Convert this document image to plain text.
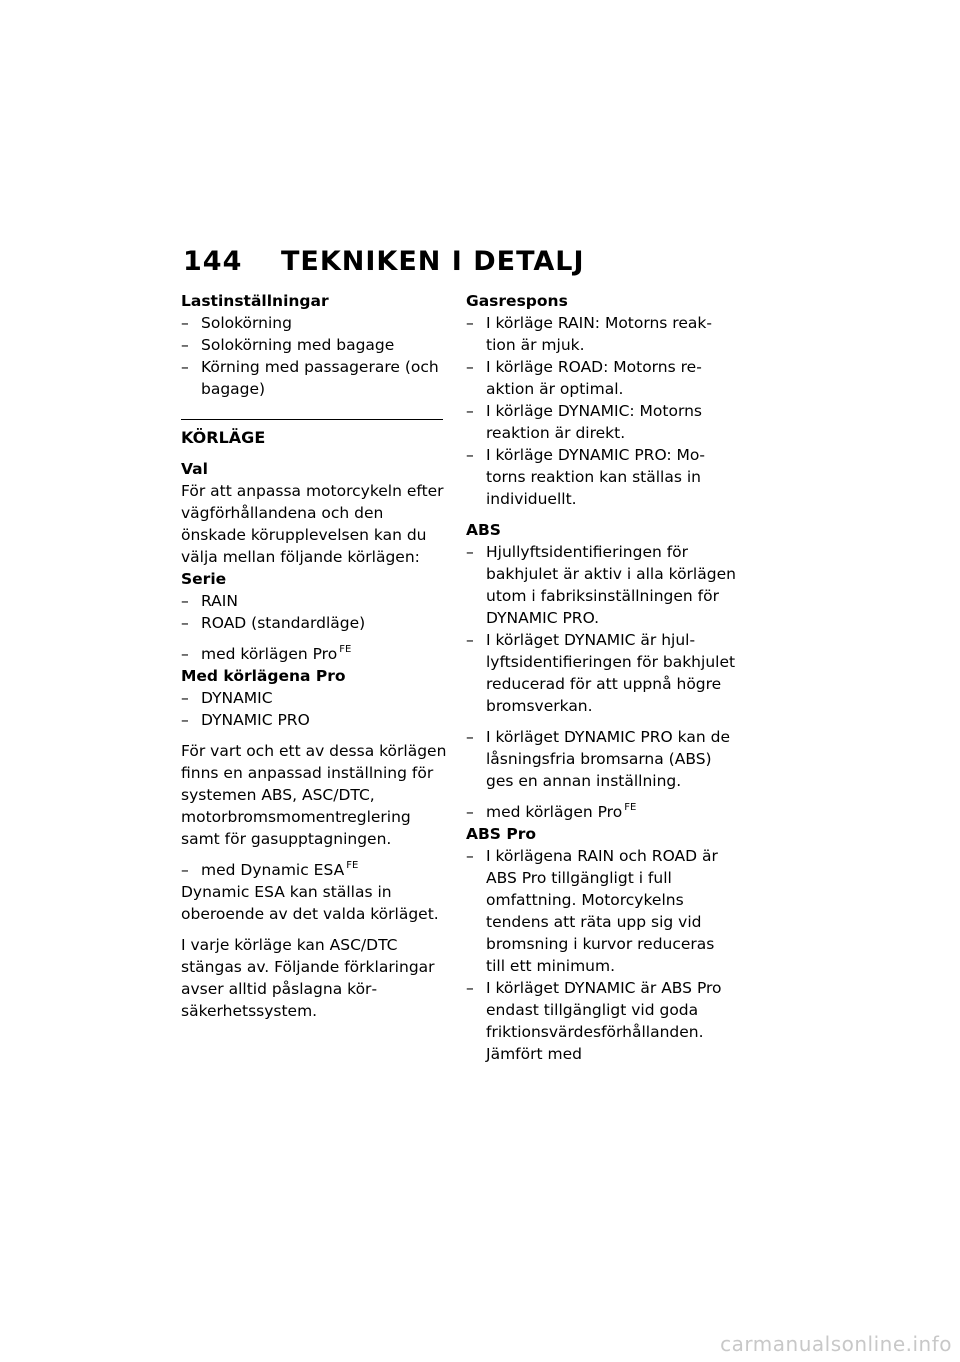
144 TEKNIKEN I DETALJ
Lastinställningar
– Solokörning
– Solokörning med bagage
– Körning med passagerare (och bagage)
KÖRLÄGE
Val

För att anpassa motorcykeln efter vägförhållandena och den önskade körupplevelsen kan du välja mellan följande körlägen:

Serie
– RAIN
– ROAD (standardläge)
– med körlägen Pro $^{FE}$
Med körlägena Pro
– DYNAMIC
– DYNAMIC PRO

För vart och ett av dessa körlägen finns en anpassad inställning för systemen ABS, ASC/DTC, motorbromsmomentreglering samt för gasupptagningen.

– med Dynamic ESA $^{FE}$

Dynamic ESA kan ställas in oberoende av det valda körläget.

I varje körläge kan ASC/DTC stängas av. Följande förklaringar avser alltid påslagna körsäkerhetssystem.

Gasrespons
– I körläge RAIN: Motorns reaktion är mjuk.
– I körläge ROAD: Motorns reaktion är optimal.
– I körläge DYNAMIC: Motorns reaktion är direkt.
– I körläge DYNAMIC PRO: Motorns reaktion kan ställas in individuellt.
ABS
– Hjullyftsidentifieringen för bakhjulet är aktiv i alla körlägen utom i fabriksinställningen för DYNAMIC PRO.
– I körläget DYNAMIC är hjullyftsidentifieringen för bakhjulet reducerad för att uppnå högre bromsverkan.
– I körläget DYNAMIC PRO kan de låsningsfria bromsarna (ABS) ges en annan inställning.
– med körlägen Pro $^{FE}$
ABS Pro
– I körlägena RAIN och ROAD är ABS Pro tillgängligt i full omfattning. Motorcykelns tendens att räta upp sig vid bromsning i kurvor reduceras till ett minimum.
– I körläget DYNAMIC är ABS Pro endast tillgängligt vid goda friktionsvärdesförhållanden. Jämfört med
carmanualsonline.info
